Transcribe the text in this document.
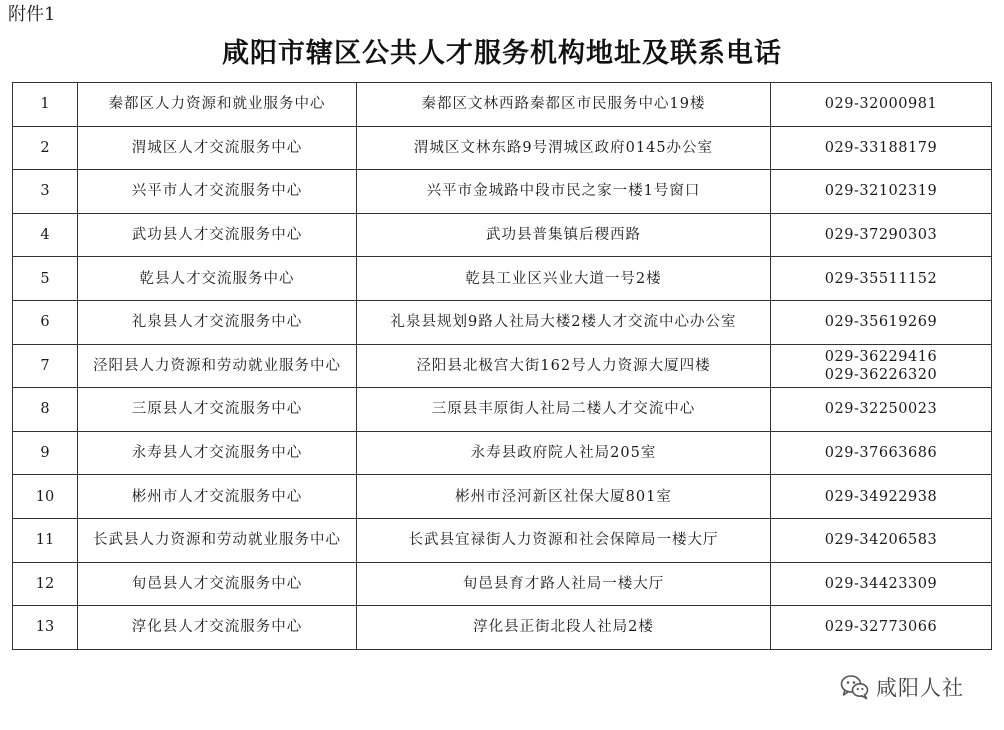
附件1
咸阳市辖区公共人才服务机构地址及联系电话
1	秦都区人力资源和就业服务中心	秦都区文林西路秦都区市民服务中心19楼	029-32000981

2	渭城区人才交流服务中心	渭城区文林东路9号渭城区政府0145办公室	029-33188179

3	兴平市人才交流服务中心	兴平市金城路中段市民之家一楼1号窗口	029-32102319

4	武功县人才交流服务中心	武功县普集镇后稷西路	029-37290303

5	乾县人才交流服务中心	乾县工业区兴业大道一号2楼	029-35511152

6	礼泉县人才交流服务中心	礼泉县规划9路人社局大楼2楼人才交流中心办公室	029-35619269

7	泾阳县人力资源和劳动就业服务中心	泾阳县北极宫大街162号人力资源大厦四楼	029-36229416
029-36226320

8	三原县人才交流服务中心	三原县丰原街人社局二楼人才交流中心	029-32250023

9	永寿县人才交流服务中心	永寿县政府院人社局205室	029-37663686

10	彬州市人才交流服务中心	彬州市泾河新区社保大厦801室	029-34922938

11	长武县人力资源和劳动就业服务中心	长武县宜禄街人力资源和社会保障局一楼大厅	029-34206583

12	旬邑县人才交流服务中心	旬邑县育才路人社局一楼大厅	029-34423309

13	淳化县人才交流服务中心	淳化县正街北段人社局2楼	029-32773066
咸阳人社
